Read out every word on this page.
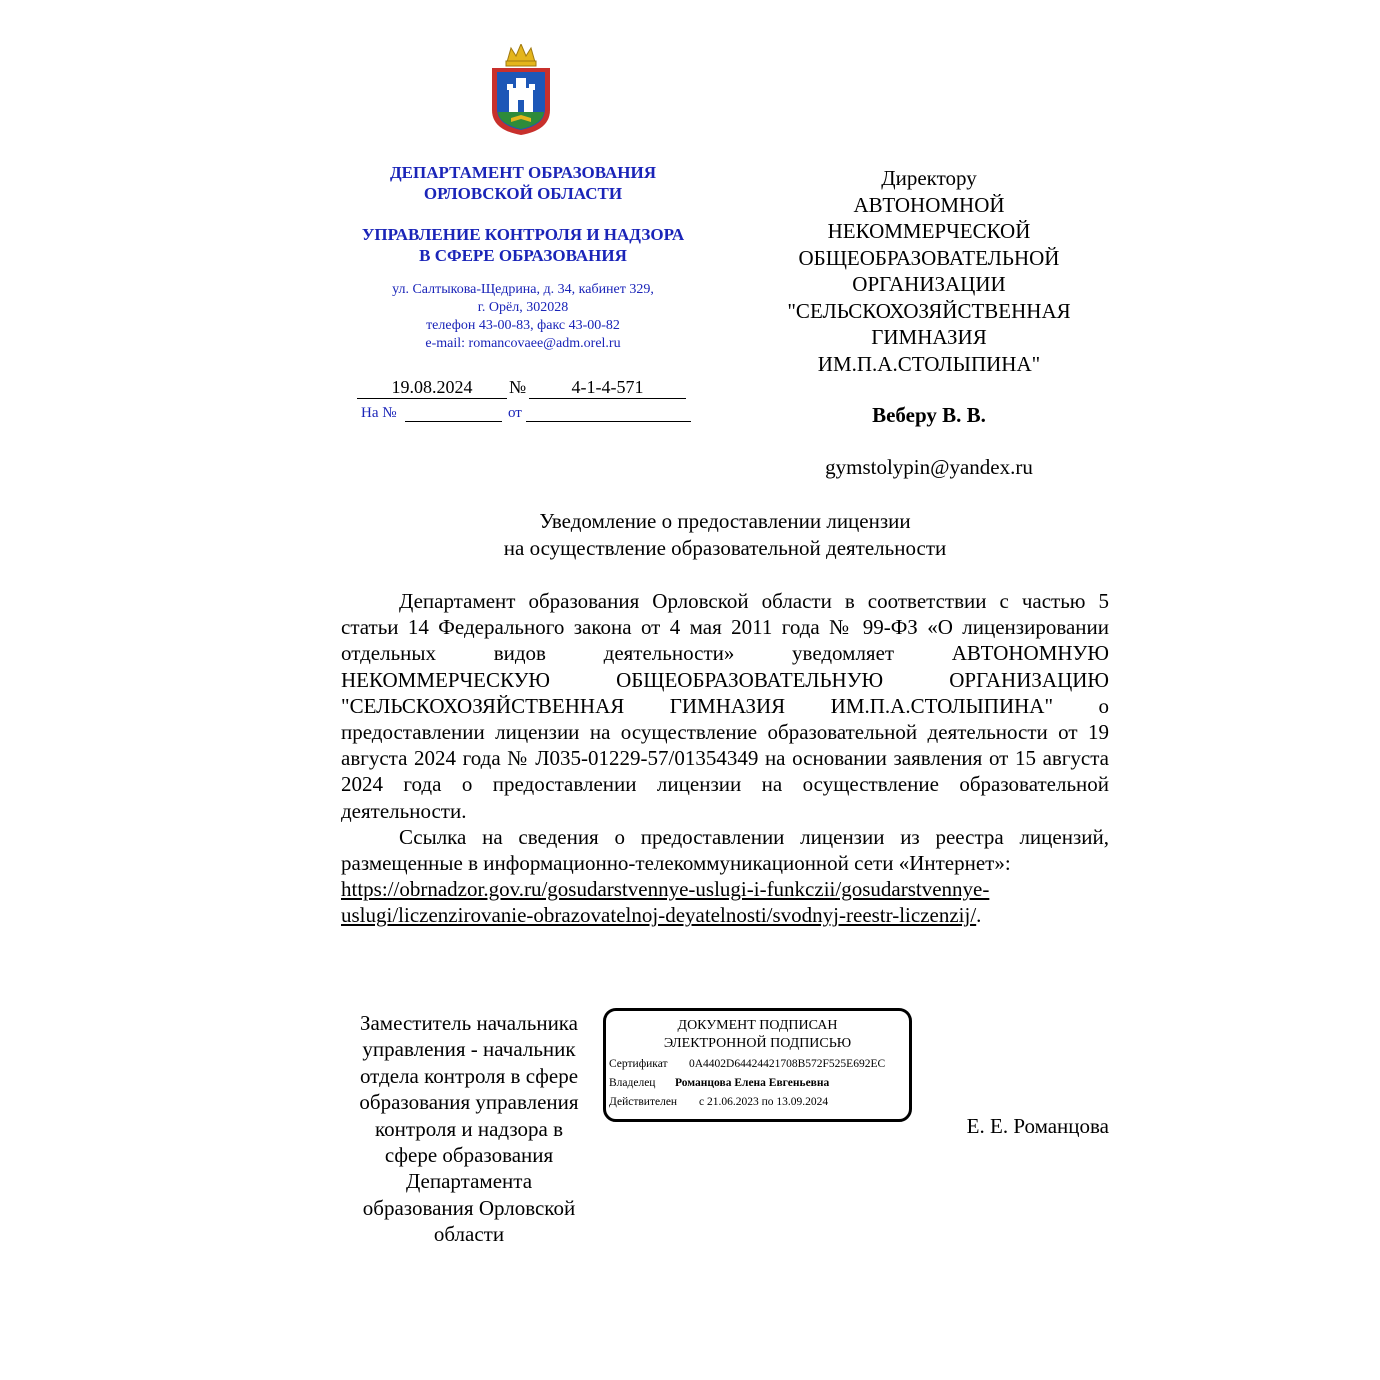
ДЕПАРТАМЕНТ ОБРАЗОВАНИЯ
ОРЛОВСКОЙ ОБЛАСТИ
УПРАВЛЕНИЕ КОНТРОЛЯ И НАДЗОРА
В СФЕРЕ ОБРАЗОВАНИЯ
ул. Салтыкова-Щедрина, д. 34, кабинет 329,
г. Орёл, 302028
телефон 43-00-83, факс 43-00-82
e-mail: romancovaee@adm.orel.ru
19.08.2024	№	4-1-4-571
На №	от
Директору
АВТОНОМНОЙ
НЕКОММЕРЧЕСКОЙ
ОБЩЕОБРАЗОВАТЕЛЬНОЙ
ОРГАНИЗАЦИИ
"СЕЛЬСКОХОЗЯЙСТВЕННАЯ
ГИМНАЗИЯ
ИМ.П.А.СТОЛЫПИНА"
Веберу В. В.
gymstolypin@yandex.ru
Уведомление о предоставлении лицензии
на осуществление образовательной деятельности

Департамент образования Орловской области в соответствии с частью 5 статьи 14 Федерального закона от 4 мая 2011 года № 99-ФЗ «О лицензировании отдельных видов деятельности» уведомляет АВТОНОМНУЮ НЕКОММЕРЧЕСКУЮ ОБЩЕОБРАЗОВАТЕЛЬНУЮ ОРГАНИЗАЦИЮ "СЕЛЬСКОХОЗЯЙСТВЕННАЯ ГИМНАЗИЯ ИМ.П.А.СТОЛЫПИНА" о предоставлении лицензии на осуществление образовательной деятельности от 19 августа 2024 года № Л035-01229-57/01354349 на основании заявления от 15 августа 2024 года о предоставлении лицензии на осуществление образовательной деятельности.

Ссылка на сведения о предоставлении лицензии из реестра лицензий, размещенные в информационно-телекоммуникационной сети «Интернет»:

https://obrnadzor.gov.ru/gosudarstvennye-uslugi-i-funkczii/gosudarstvennye-
uslugi/liczenzirovanie-obrazovatelnoj-deyatelnosti/svodnyj-reestr-liczenzij/.
Заместитель начальника
управления - начальник
отдела контроля в сфере
образования управления
контроля и надзора в
сфере образования
Департамента
образования Орловской
области
ДОКУМЕНТ ПОДПИСАН
ЭЛЕКТРОННОЙ ПОДПИСЬЮ
Сертификат 0A4402D64424421708B572F525E692EC
Владелец Романцова Елена Евгеньевна
Действителен с 21.06.2023 по 13.09.2024
Е. Е. Романцова
